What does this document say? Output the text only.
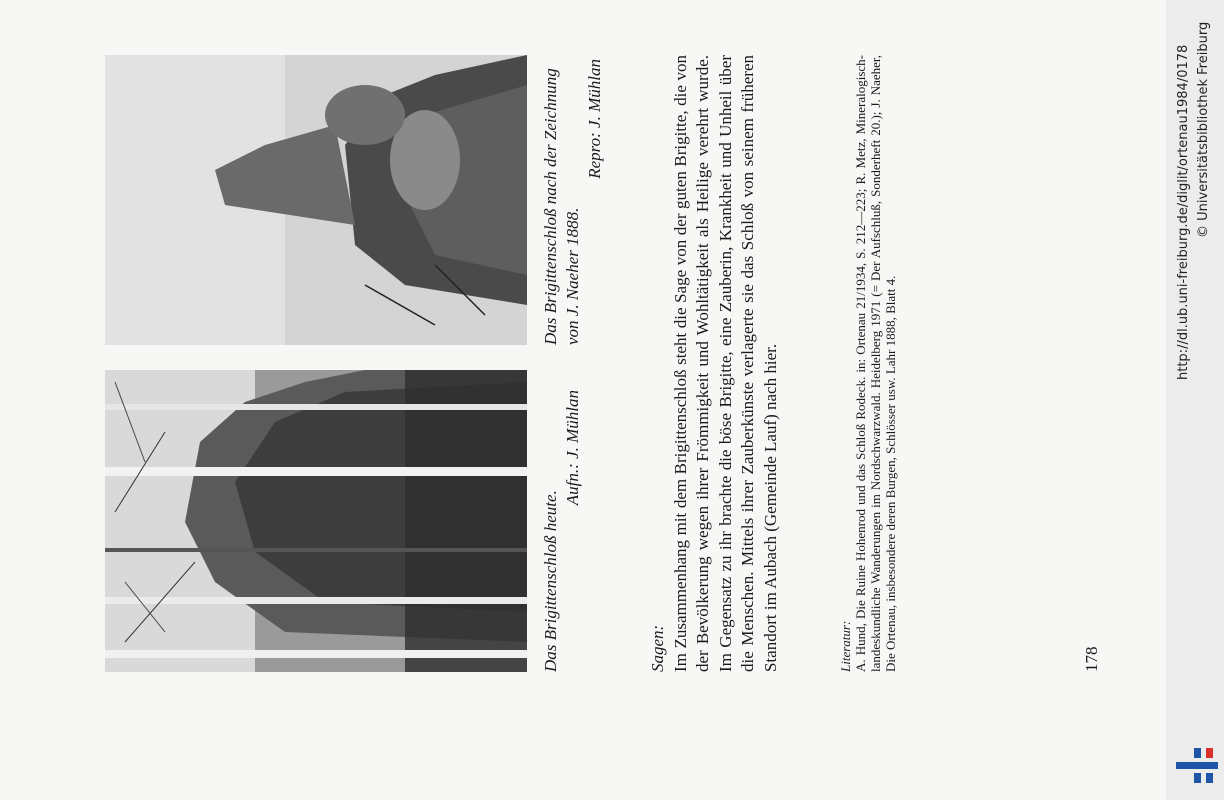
Das Brigittenschloß heute.
Aufn.: J. Mühlan
Das Brigittenschloß nach der Zeichnung von J. Naeher 1888.
Repro: J. Mühlan
Sagen: Im Zusammenhang mit dem Brigittenschloß steht die Sage von der guten Brigitte, die von der Bevölkerung wegen ihrer Frömmigkeit und Wohltätigkeit als Heilige verehrt wurde. Im Gegensatz zu ihr brachte die böse Brigitte, eine Zauberin, Krankheit und Unheil über die Menschen. Mittels ihrer Zauberkünste verlagerte sie das Schloß von seinem früheren Standort im Aubach (Gemeinde Lauf) nach hier.	Literatur: A. Hund, Die Ruine Hohenrod und das Schloß Rodeck. in: Ortenau 21/1934, S. 212—223; R. Metz, Mineralogisch-landeskundliche Wanderungen im Nordschwarzwald. Heidelberg 1971 (= Der Aufschluß, Sonderheft 20.); J. Naeher, Die Ortenau, insbesondere deren Burgen, Schlösser usw. Lahr 1888, Blatt 4.	178
http://dl.ub.uni-freiburg.de/diglit/ortenau1984/0178 © Universitätsbibliothek Freiburg
